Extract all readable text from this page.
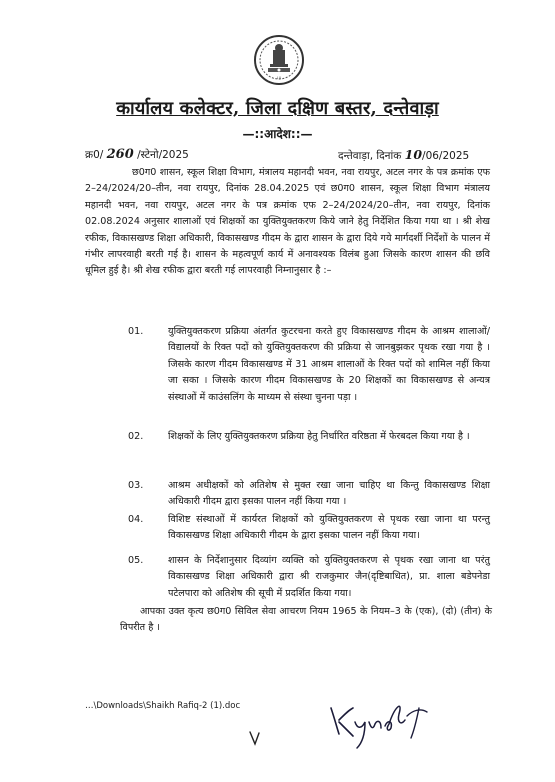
।।।
कार्यालय कलेक्टर, जिला दक्षिण बस्तर, दन्तेवाड़ा
—::आदेश::—
क्र0/ 260 /स्टेनो/2025	दन्तेवाड़ा, दिनांक 10/06/2025
छ0ग0 शासन, स्कूल शिक्षा विभाग, मंत्रालय महानदी भवन, नवा रायपुर, अटल नगर के पत्र क्रमांक एफ 2–24/2024/20–तीन, नवा रायपुर, दिनांक 28.04.2025 एवं छ0ग0 शासन, स्कूल शिक्षा विभाग मंत्रालय महानदी भवन, नवा रायपुर, अटल नगर के पत्र क्रमांक एफ 2–24/2024/20–तीन, नवा रायपुर, दिनांक 02.08.2024 अनुसार शालाओं एवं शिक्षकों का युक्तियुक्तकरण किये जाने हेतु निर्देशित किया गया था । श्री शेख रफीक, विकासखण्ड शिक्षा अधिकारी, विकासखण्ड गीदम के द्वारा शासन के द्वारा दिये गये मार्गदर्शी निर्देशों के पालन में गंभीर लापरवाही बरती गई है। शासन के महत्वपूर्ण कार्य में अनावश्यक विलंब हुआ जिसके कारण शासन की छवि धूमिल हुई है। श्री शेख रफीक द्वारा बरती गई लापरवाही निम्नानुसार है :–
01.	युक्तियुक्तकरण प्रक्रिया अंतर्गत कुटरचना करते हुए विकासखण्ड गीदम के आश्रम शालाओं/विद्यालयों के रिक्त पदों को युक्तियुक्तकरण की प्रक्रिया से जानबुझकर पृथक रखा गया है । जिसके कारण गीदम विकासखण्ड में 31 आश्रम शालाओं के रिक्त पदों को शामिल नहीं किया जा सका । जिसके कारण गीदम विकासखण्ड के 20 शिक्षकों का विकासखण्ड से अन्यत्र संस्थाओं में काउंसलिंग के माध्यम से संस्था चुनना पड़ा ।
02.	शिक्षकों के लिए युक्तियुक्तकरण प्रक्रिया हेतु निर्धारित वरिष्ठता में फेरबदल किया गया है ।
03.	आश्रम अधीक्षकों को अतिशेष से मुक्त रखा जाना चाहिए था किन्तु विकासखण्ड शिक्षा अधिकारी गीदम द्वारा इसका पालन नहीं किया गया ।
04.	विशिष्ट संस्थाओं में कार्यरत शिक्षकों को युक्तियुक्तकरण से पृथक रखा जाना था परन्तु विकासखण्ड शिक्षा अधिकारी गीदम के द्वारा इसका पालन नहीं किया गया।
05.	शासन के निर्देशानुसार दिव्यांग व्यक्ति को युक्तियुक्तकरण से पृथक रखा जाना था परंतु विकासखण्ड शिक्षा अधिकारी द्वारा श्री राजकुमार जैन(दृष्टिबाधित), प्रा. शाला बडेपनेडा पटेलपारा को अतिशेष की सूची में प्रदर्शित किया गया।
आपका उक्त कृत्य छ0ग0 सिविल सेवा आचरण नियम 1965 के नियम–3 के (एक), (दो) (तीन) के विपरीत है ।
…\Downloads\Shaikh Rafiq-2 (1).doc
